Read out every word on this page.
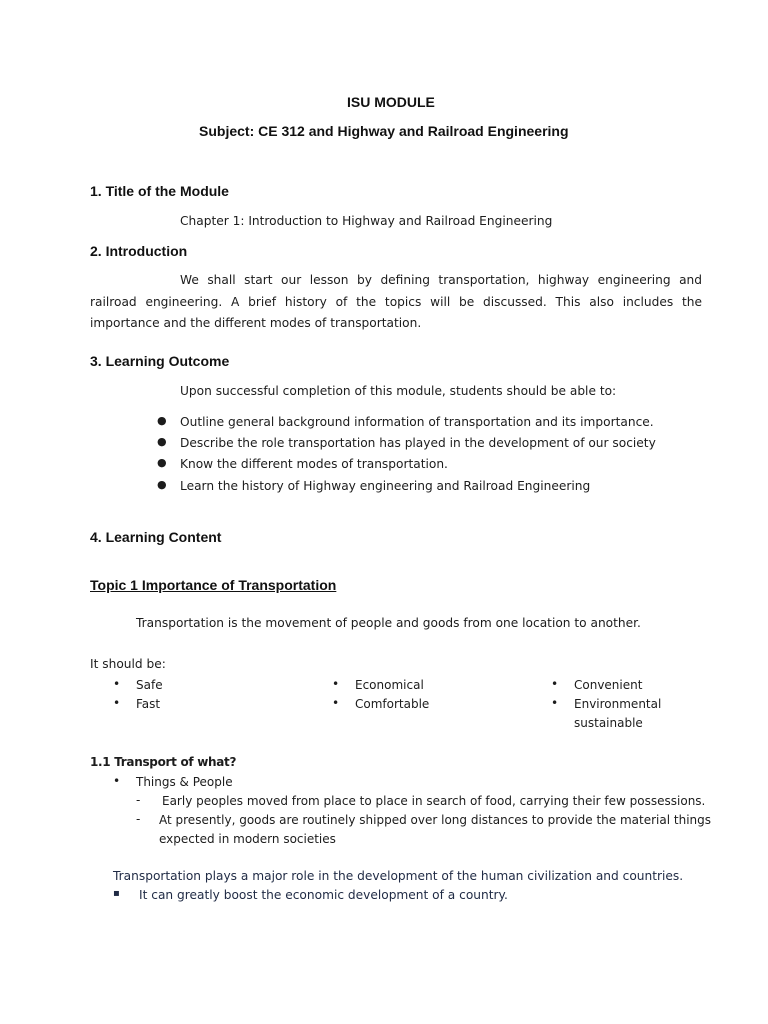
ISU MODULE
Subject: CE 312 and Highway and Railroad Engineering
1. Title of the Module
Chapter 1: Introduction to Highway and Railroad Engineering
2. Introduction
We shall start our lesson by defining transportation, highway engineering and railroad engineering. A brief history of the topics will be discussed. This also includes the importance and the different modes of transportation.
3. Learning Outcome
Upon successful completion of this module, students should be able to:
● Outline general background information of transportation and its importance.
● Describe the role transportation has played in the development of our society
● Know the different modes of transportation.
● Learn the history of Highway engineering and Railroad Engineering
4. Learning Content
Topic 1 Importance of Transportation
Transportation is the movement of people and goods from one location to another.
It should be:
• Safe
• Fast
• Economical
• Comfortable
• Convenient
• Environmental
sustainable
1.1 Transport of what?
• Things & People
- Early peoples moved from place to place in search of food, carrying their few possessions.
- At presently, goods are routinely shipped over long distances to provide the material things
expected in modern societies
Transportation plays a major role in the development of the human civilization and countries.
▪ It can greatly boost the economic development of a country.
